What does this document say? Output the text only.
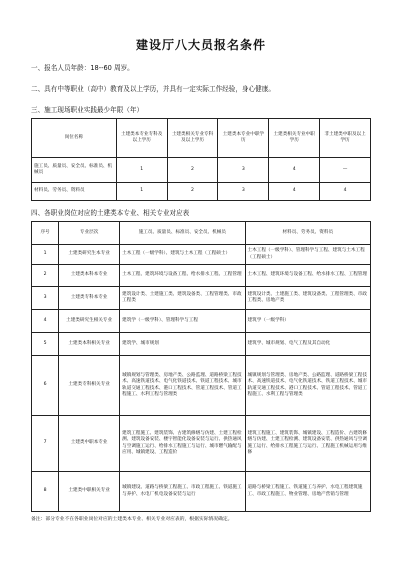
建设厅八大员报名条件

一、报名人员年龄：18--60 周岁。

二、具有中等职业（高中）教育及以上学历，并具有一定实际工作经验，身心健康。

三、施工现场职业实践最少年限（年）

岗位名称	土建类本专业专科及以上学历	土建类相关专业专科及以上学历	土建类本专业中职学历	土建类相关专业中职学历	非土建类中职及以上学历
施工员、质量员、安全员、标准员、机械员	1	2	3	4	—
材料员、劳务员、资料员	1	2	3	4	4

四、各职业岗位对应的土建类本专业、相关专业对应表

序号	专业层次	施工员、质量员、标准员、安全员、机械员	材料员、劳务员、资料员
1	土建类研究生本专业	土木工程（一级学科）、建筑与土木工程（工程硕士）	土木工程（一级学科）、管理科学与工程、建筑与土木工程（工程硕士）
2	土建类本科本专业	土木工程、建筑环境与设备工程、给水排水工程、工程管理	土木工程、建筑环境与设备工程、给水排水工程、工程管理
3	土建类专科本专业	建筑设计类、土建施工类、建筑设备类、工程管理类、市政工程类	建筑设计类、土建施工类、建筑设备类、工程管理类、市政工程类、房地产类
4	土建类研究生相关专业	建筑学（一级学科）、管理科学与工程	建筑学（一级学科）
5	土建类本科相关专业	建筑学、城市规划	建筑学、城市规划、电气工程及其自动化
6	土建类专科相关专业	城镇规划与管理类、房地产类、公路监理、道路桥梁工程技术、高速铁道技术、电气化铁道技术、铁道工程技术、城市轨道交通工程技术、港口工程技术、管道工程技术、管道工程施工、水利工程与管理类	城镇规划与管理类、房地产类、公路监理、道路桥梁工程技术、高速铁道技术、电气化铁道技术、铁道工程技术、城市轨道交通工程技术、港口工程技术、管道工程技术、管道工程施工、水利工程与管理类
7	土建类中职本专业	建筑工程施工、建筑装饰、古建筑修缮与仿建、土建工程检测、建筑设备安装、楼宇智能化设备安装与运行、供热通风与空调施工运行、给排水工程施工与运行、城市燃气输配与应用、城镇建设、工程造价	建筑工程施工、建筑装饰、城镇建设、工程造价、古建筑修缮与仿建、土建工程检测、建筑设备安装、供热通风与空调施工运行、给排水工程施工与运行、工程施工机械运用与维修
8	土建类中职相关专业	城镇建设、道路与桥梁工程施工、市政工程施工、铁道施工与养护、水电厂机电设备安装与运行	道路与桥梁工程施工、铁道施工与养护、水电工程建筑施工、市政工程施工、物业管理、房地产营销与管理

备注：部分专业不在各职业岗位对应的土建类本专业、相关专业对应表的，根据实际情况确定。
